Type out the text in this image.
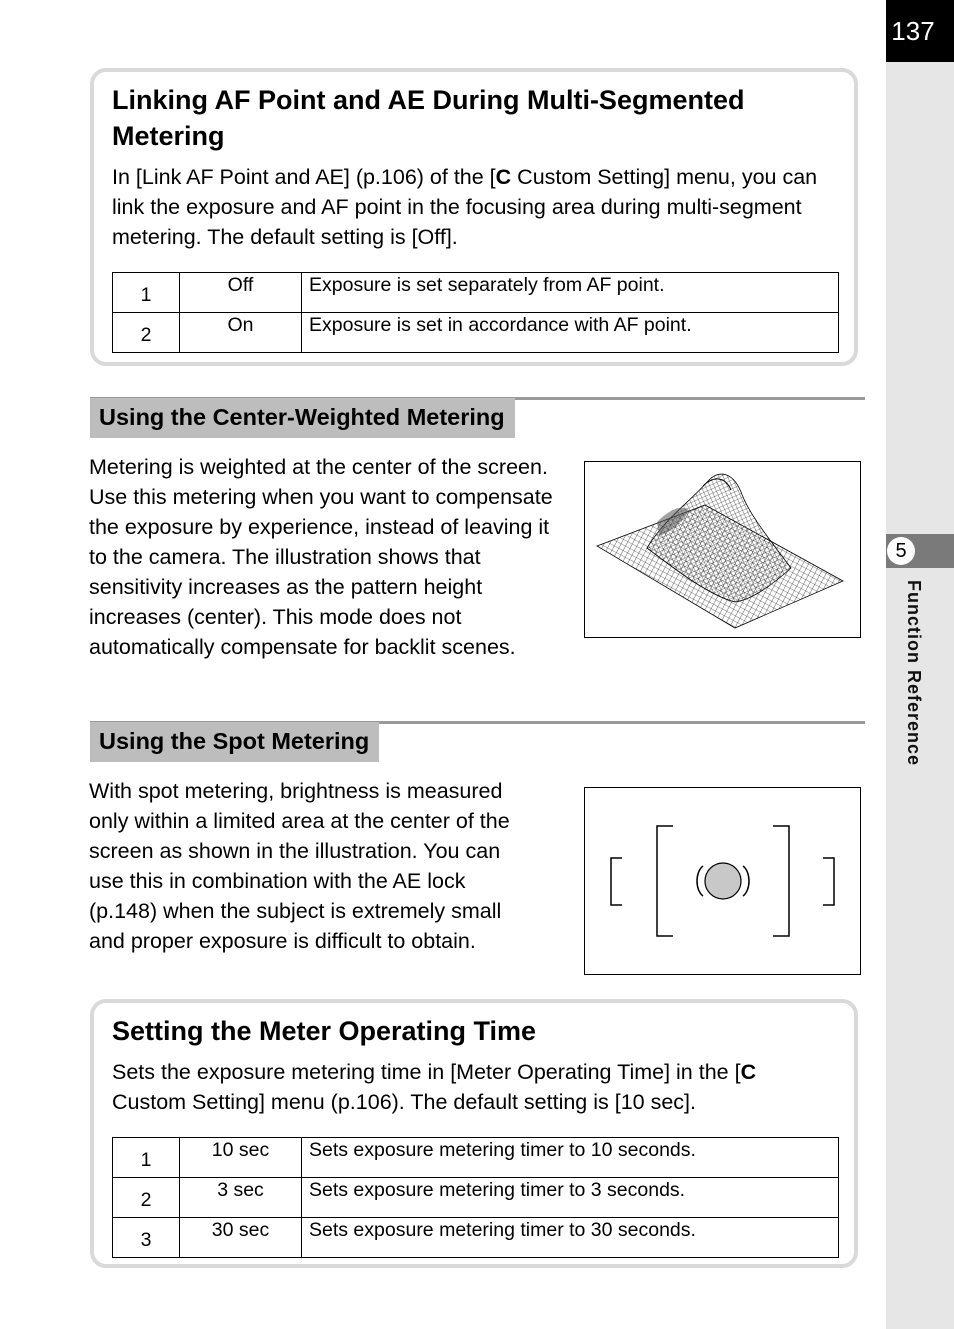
137
5
Function Reference
Linking AF Point and AE During Multi-Segmented Metering

In [Link AF Point and AE] (p.106) of the [C Custom Setting] menu, you can link the exposure and AF point in the focusing area during multi-segment metering. The default setting is [Off].

1	Off	Exposure is set separately from AF point.
2	On	Exposure is set in accordance with AF point.
Using the Center-Weighted Metering

Metering is weighted at the center of the screen. Use this metering when you want to compensate the exposure by experience, instead of leaving it to the camera. The illustration shows that sensitivity increases as the pattern height increases (center). This mode does not automatically compensate for backlit scenes.

Using the Spot Metering

With spot metering, brightness is measured only within a limited area at the center of the screen as shown in the illustration. You can use this in combination with the AE lock (p.148) when the subject is extremely small and proper exposure is difficult to obtain.

Setting the Meter Operating Time

Sets the exposure metering time in [Meter Operating Time] in the [C Custom Setting] menu (p.106). The default setting is [10 sec].

1	10 sec	Sets exposure metering timer to 10 seconds.
2	3 sec	Sets exposure metering timer to 3 seconds.
3	30 sec	Sets exposure metering timer to 30 seconds.
